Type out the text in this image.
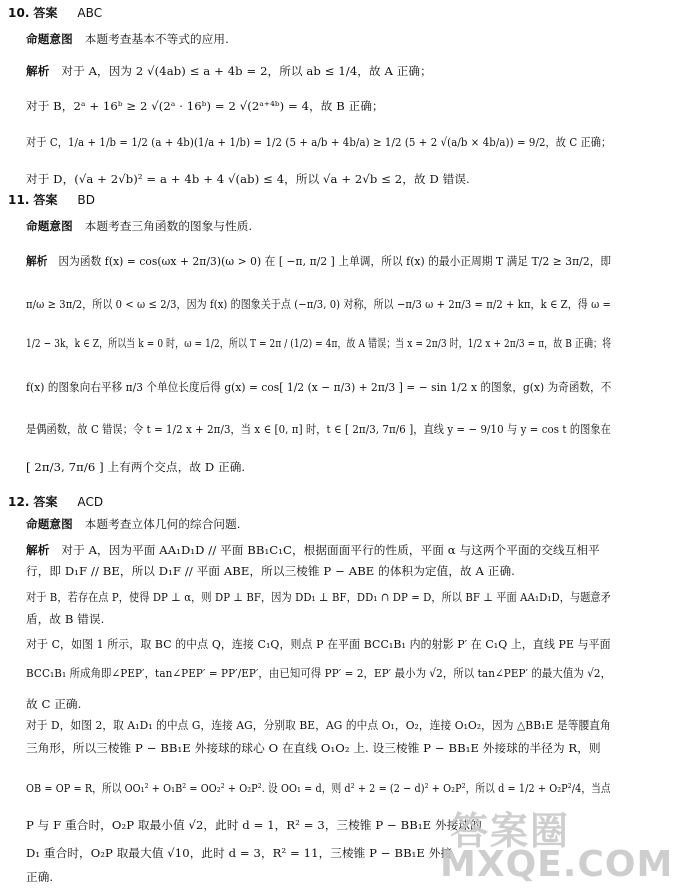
10. 答案 ABC
命题意图 本题考查基本不等式的应用.
解析 对于 A，因为 2 √(4ab) ≤ a + 4b = 2，所以 ab ≤ 1/4，故 A 正确；
对于 B，2ᵃ + 16ᵇ ≥ 2 √(2ᵃ · 16ᵇ) = 2 √(2ᵃ⁺⁴ᵇ) = 4，故 B 正确；
对于 C，1/a + 1/b = 1/2 (a + 4b)(1/a + 1/b) = 1/2 (5 + a/b + 4b/a) ≥ 1/2 (5 + 2 √(a/b × 4b/a)) = 9/2，故 C 正确；
对于 D，(√a + 2√b)² = a + 4b + 4 √(ab) ≤ 4，所以 √a + 2√b ≤ 2，故 D 错误.
11. 答案 BD
命题意图 本题考查三角函数的图象与性质.
解析 因为函数 f(x) = cos(ωx + 2π/3)(ω > 0) 在 [ −π, π/2 ] 上单调，所以 f(x) 的最小正周期 T 满足 T/2 ≥ 3π/2，即
π/ω ≥ 3π/2，所以 0 < ω ≤ 2/3，因为 f(x) 的图象关于点 (−π/3, 0) 对称，所以 −π/3 ω + 2π/3 = π/2 + kπ，k ∈ Z，得 ω =
1/2 − 3k，k ∈ Z，所以当 k = 0 时，ω = 1/2，所以 T = 2π / (1/2) = 4π，故 A 错误；当 x = 2π/3 时，1/2 x + 2π/3 = π，故 B 正确；将
f(x) 的图象向右平移 π/3 个单位长度后得 g(x) = cos[ 1/2 (x − π/3) + 2π/3 ] = − sin 1/2 x 的图象，g(x) 为奇函数，不
是偶函数，故 C 错误；令 t = 1/2 x + 2π/3，当 x ∈ [0, π] 时，t ∈ [ 2π/3, 7π/6 ]，直线 y = − 9/10 与 y = cos t 的图象在
[ 2π/3, 7π/6 ] 上有两个交点，故 D 正确.
12. 答案 ACD
命题意图 本题考查立体几何的综合问题.
解析 对于 A，因为平面 AA₁D₁D // 平面 BB₁C₁C，根据面面平行的性质，平面 α 与这两个平面的交线互相平
行，即 D₁F // BE，所以 D₁F // 平面 ABE，所以三棱锥 P − ABE 的体积为定值，故 A 正确.
对于 B，若存在点 P，使得 DP ⊥ α，则 DP ⊥ BF，因为 DD₁ ⊥ BF，DD₁ ∩ DP = D，所以 BF ⊥ 平面 AA₁D₁D，与题意矛
盾，故 B 错误.
对于 C，如图 1 所示，取 BC 的中点 Q，连接 C₁Q，则点 P 在平面 BCC₁B₁ 内的射影 P′ 在 C₁Q 上，直线 PE 与平面
BCC₁B₁ 所成角即∠PEP′，tan∠PEP′ = PP′/EP′，由已知可得 PP′ = 2，EP′ 最小为 √2，所以 tan∠PEP′ 的最大值为 √2，
故 C 正确.
对于 D，如图 2，取 A₁D₁ 的中点 G，连接 AG，分别取 BE，AG 的中点 O₁，O₂，连接 O₁O₂，因为 △BB₁E 是等腰直角
三角形，所以三棱锥 P − BB₁E 外接球的球心 O 在直线 O₁O₂ 上. 设三棱锥 P − BB₁E 外接球的半径为 R，则
OB = OP = R，所以 OO₁² + O₁B² = OO₂² + O₂P². 设 OO₁ = d，则 d² + 2 = (2 − d)² + O₂P²，所以 d = 1/2 + O₂P²/4，当点
P 与 F 重合时，O₂P 取最小值 √2，此时 d = 1，R² = 3，三棱锥 P − BB₁E 外接球的
D₁ 重合时，O₂P 取最大值 √10，此时 d = 3，R² = 11，三棱锥 P − BB₁E 外接
正确.
答案圈
MXQE.COM
